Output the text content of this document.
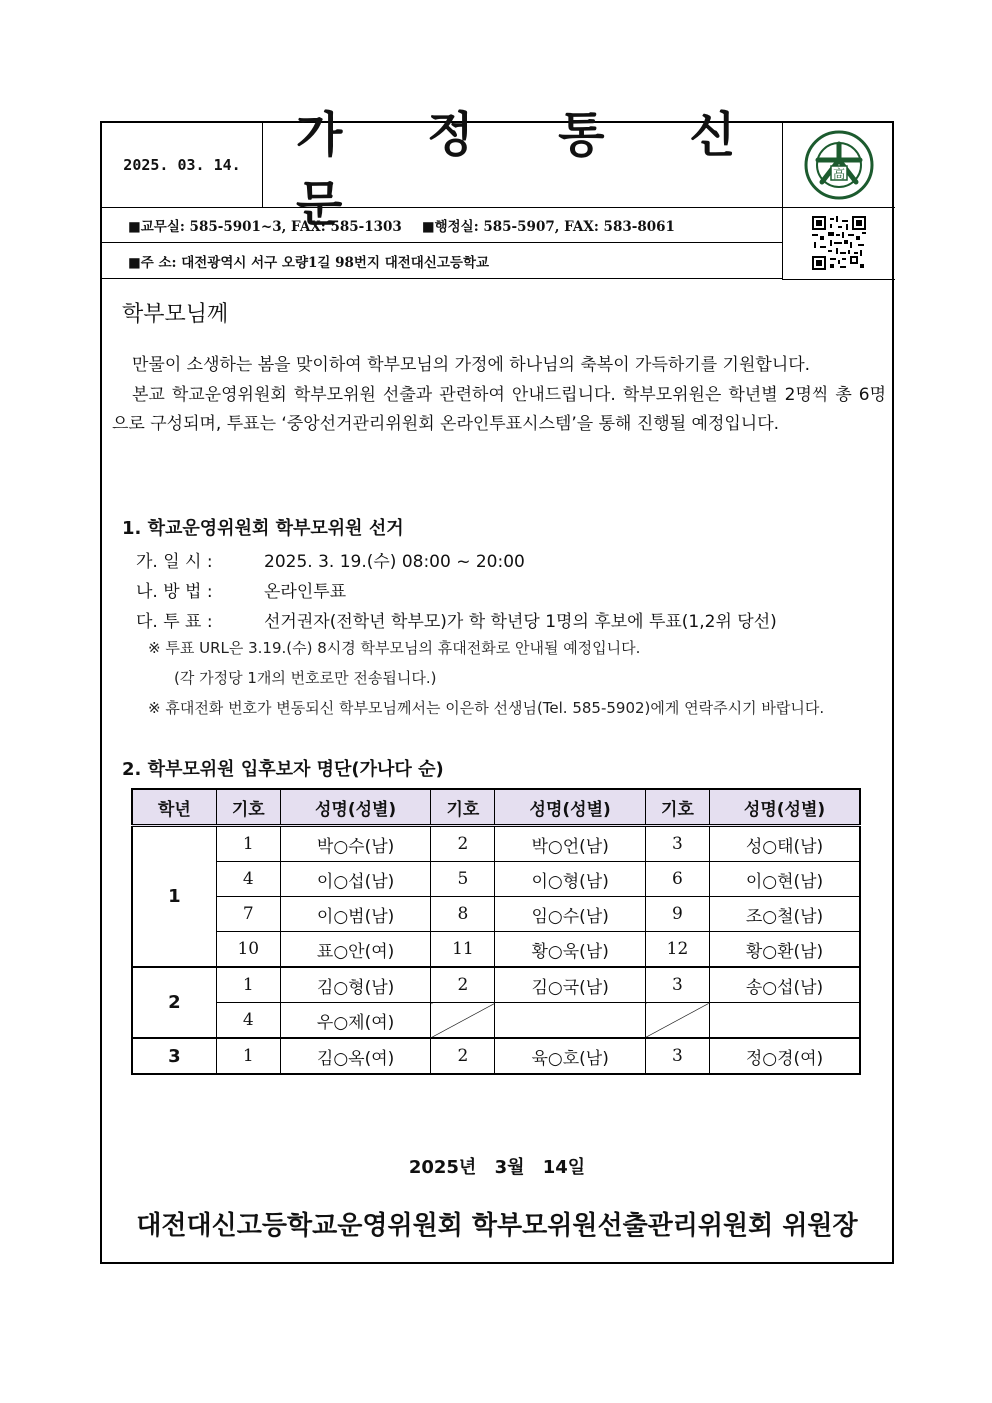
2025. 03. 14.
가 정 통 신 문
高
■교무실: 585-5901~3, FAX: 585-1303 ■행정실: 585-5907, FAX: 583-8061
■주 소: 대전광역시 서구 오량1길 98번지 대전대신고등학교
학부모님께
만물이 소생하는 봄을 맞이하여 학부모님의 가정에 하나님의 축복이 가득하기를 기원합니다.
본교 학교운영위원회 학부모위원 선출과 관련하여 안내드립니다. 학부모위원은 학년별 2명씩 총 6명으로 구성되며, 투표는 ‘중앙선거관리위원회 온라인투표시스템’을 통해 진행될 예정입니다.
1. 학교운영위원회 학부모위원 선거
가. 일 시 :	2025. 3. 19.(수) 08:00 ~ 20:00
나. 방 법 :	온라인투표
다. 투 표 :	선거권자(전학년 학부모)가 학 학년당 1명의 후보에 투표(1,2위 당선)
※ 투표 URL은 3.19.(수) 8시경 학부모님의 휴대전화로 안내될 예정입니다.
(각 가정당 1개의 번호로만 전송됩니다.)
※ 휴대전화 번호가 변동되신 학부모님께서는 이은하 선생님(Tel. 585-5902)에게 연락주시기 바랍니다.
2. 학부모위원 입후보자 명단(가나다 순)
학년	기호	성명(성별)	기호	성명(성별)	기호	성명(성별)
1	1	박○수(남)	2	박○언(남)	3	성○태(남)
	4	이○섭(남)	5	이○형(남)	6	이○현(남)
	7	이○범(남)	8	임○수(남)	9	조○철(남)
	10	표○안(여)	11	황○욱(남)	12	황○환(남)
2	1	김○형(남)	2	김○국(남)	3	송○섭(남)
	4	우○제(여)				
3	1	김○옥(여)	2	육○호(남)	3	정○경(여)
2025년 3월 14일
대전대신고등학교운영위원회 학부모위원선출관리위원회 위원장
